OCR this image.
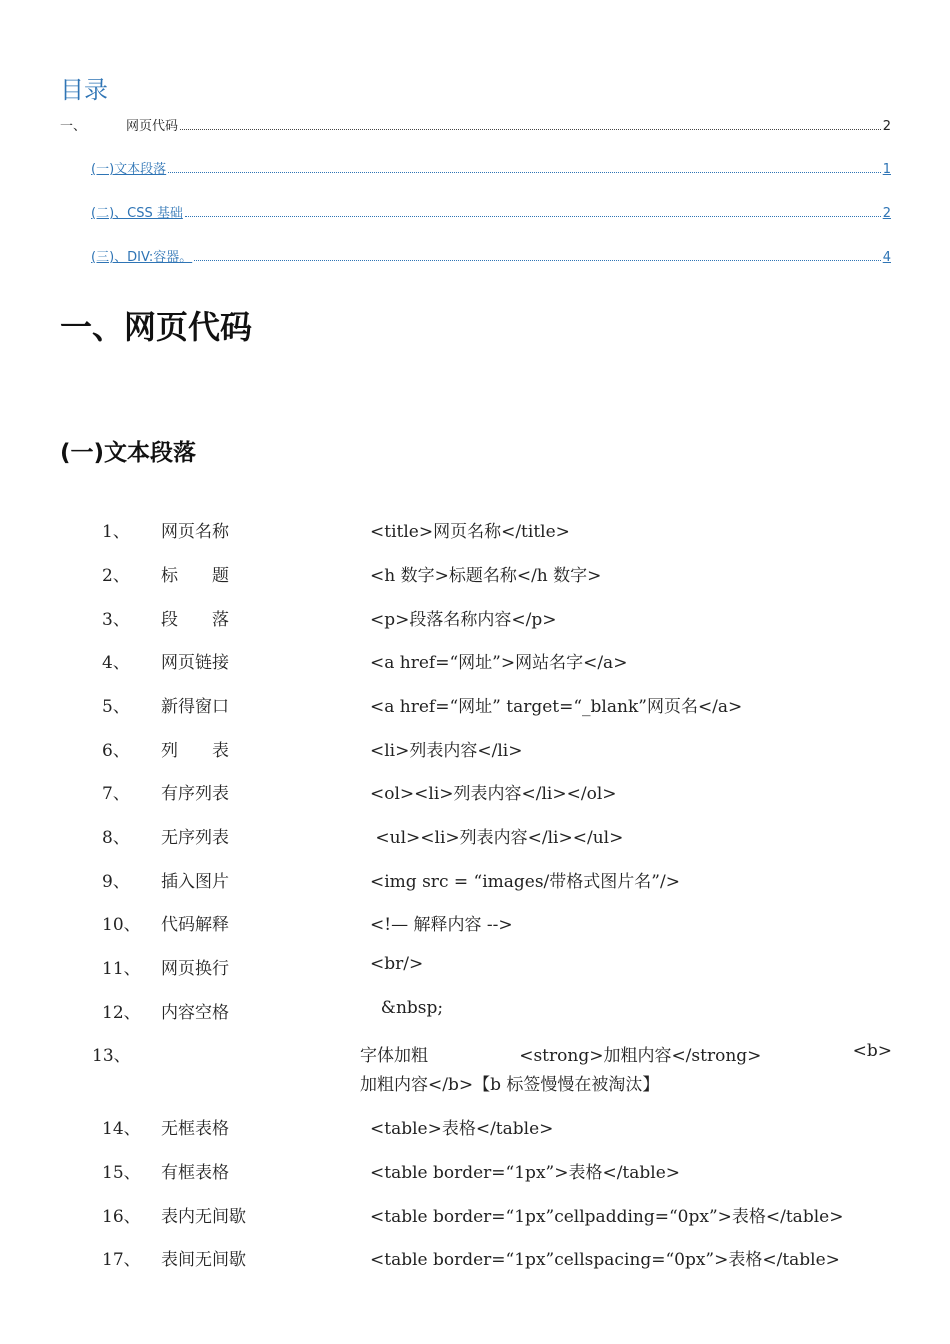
目录
一、	网页代码	2
(一)文本段落	1
(二)、CSS 基础	2
(三)、DIV:容器。	4
一、网页代码
(一)文本段落
1、 网页名称	<title>网页名称</title>
2、 标　　题	<h 数字>标题名称</h 数字>
3、 段　　落	<p>段落名称内容</p>
4、 网页链接	<a href=“网址”>网站名字</a>
5、 新得窗口	<a href=“网址” target=“_blank”网页名</a>
6、 列　　表	<li>列表内容</li>
7、 有序列表	<ol><li>列表内容</li></ol>
8、 无序列表	<ul><li>列表内容</li></ul>
9、 插入图片	<img src = “images/带格式图片名”/>
10、 代码解释	<!— 解释内容 -->
11、 网页换行	<br/>
12、 内容空格	&nbsp;
13、	字体加粗	<strong>加粗内容</strong>	<b>
加粗内容</b>【b 标签慢慢在被淘汰】
14、 无框表格	<table>表格</table>
15、 有框表格	<table border=“1px”>表格</table>
16、 表内无间歇	<table border=“1px”cellpadding=“0px”>表格</table>
17、 表间无间歇	<table border=“1px”cellspacing=“0px”>表格</table>
